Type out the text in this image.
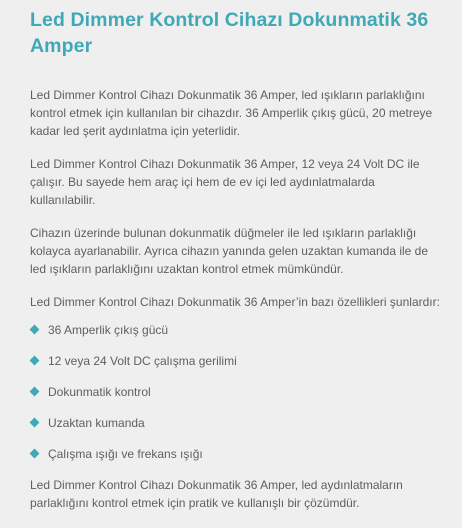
Led Dimmer Kontrol Cihazı Dokunmatik 36 Amper

Led Dimmer Kontrol Cihazı Dokunmatik 36 Amper, led ışıkların parlaklığını kontrol etmek için kullanılan bir cihazdır. 36 Amperlik çıkış gücü, 20 metreye kadar led şerit aydınlatma için yeterlidir.

Led Dimmer Kontrol Cihazı Dokunmatik 36 Amper, 12 veya 24 Volt DC ile çalışır. Bu sayede hem araç içi hem de ev içi led aydınlatmalarda kullanılabilir.

Cihazın üzerinde bulunan dokunmatik düğmeler ile led ışıkların parlaklığı kolayca ayarlanabilir. Ayrıca cihazın yanında gelen uzaktan kumanda ile de led ışıkların parlaklığını uzaktan kontrol etmek mümkündür.

Led Dimmer Kontrol Cihazı Dokunmatik 36 Amper’in bazı özellikleri şunlardır:

36 Amperlik çıkış gücü
12 veya 24 Volt DC çalışma gerilimi
Dokunmatik kontrol
Uzaktan kumanda
Çalışma ışığı ve frekans ışığı

Led Dimmer Kontrol Cihazı Dokunmatik 36 Amper, led aydınlatmaların parlaklığını kontrol etmek için pratik ve kullanışlı bir çözümdür.
